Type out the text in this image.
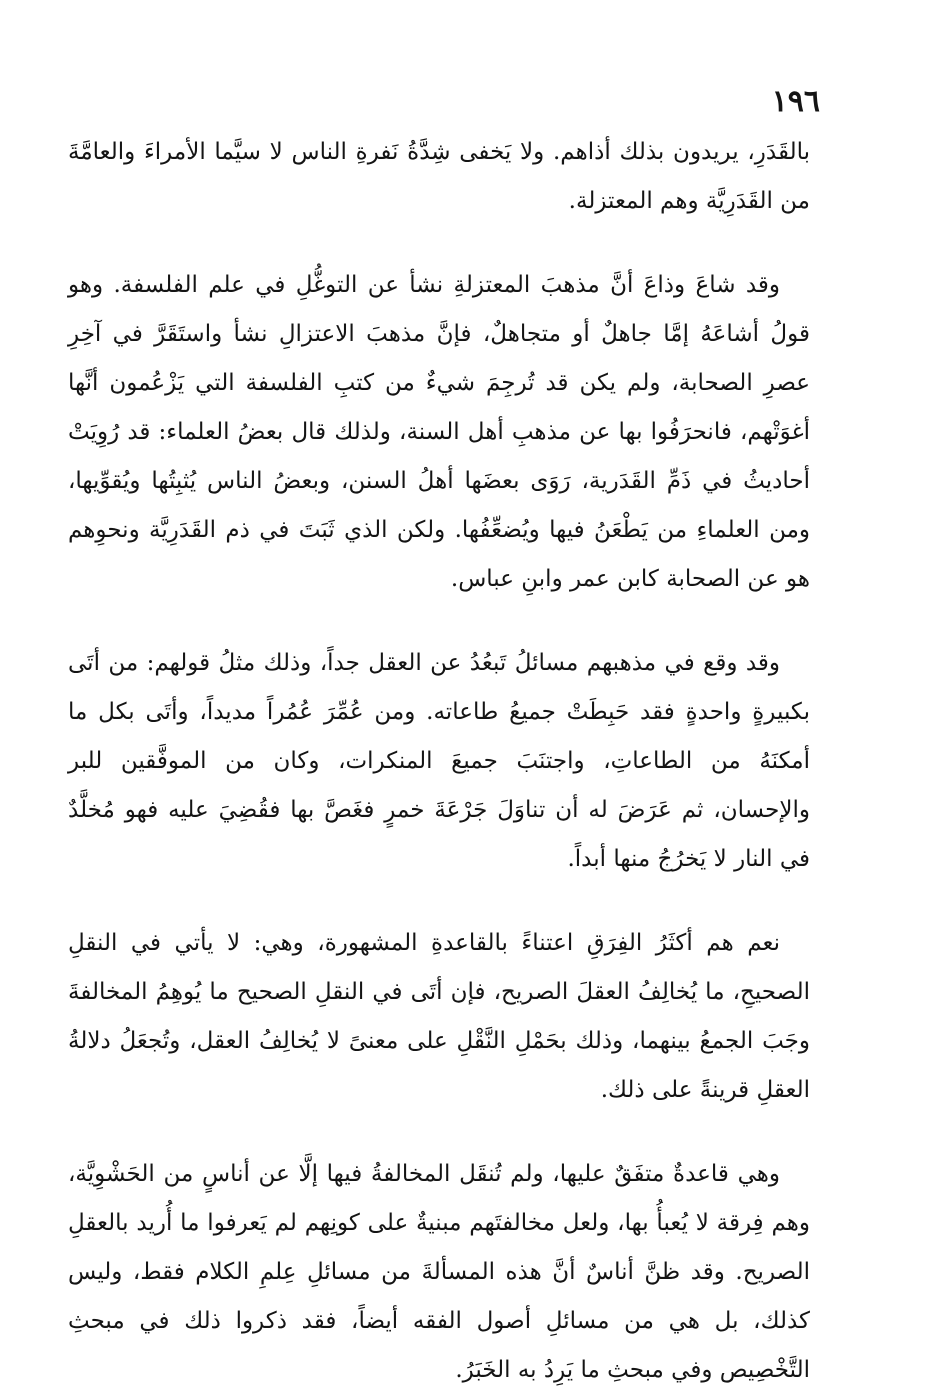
١٩٦

بالقَدَرِ، يريدون بذلك أذاهم. ولا يَخفى شِدَّةُ نَفرةِ الناس لا سيَّما الأمراءَ والعامَّةَ من القَدَرِيَّة وهم المعتزلة.

وقد شاعَ وذاعَ أنَّ مذهبَ المعتزلةِ نشأ عن التوغُّلِ في علم الفلسفة. وهو قولُ أشاعَهُ إمَّا جاهلٌ أو متجاهلٌ، فإنَّ مذهبَ الاعتزالِ نشأ واستَقَرَّ في آخِرِ عصرِ الصحابة، ولم يكن قد تُرجِمَ شيءٌ من كتبِ الفلسفة التي يَزْعُمون أنَّها أغوَتْهم، فانحرَفُوا بها عن مذهبِ أهل السنة، ولذلك قال بعضُ العلماء: قد رُوِيَتْ أحاديثُ في ذَمِّ القَدَرية، رَوَى بعضَها أهلُ السنن، وبعضُ الناس يُثبِتُها ويُقوِّيها، ومن العلماءِ من يَطْعَنُ فيها ويُضعِّفُها. ولكن الذي ثَبَتَ في ذم القَدَرِيَّة ونحوِهم هو عن الصحابة كابن عمر وابنِ عباس.

وقد وقع في مذهبهم مسائلُ تَبعُدُ عن العقل جداً، وذلك مثلُ قولهم: من أتَى بكبيرةٍ واحدةٍ فقد حَبِطَتْ جميعُ طاعاته. ومن عُمِّرَ عُمُراً مديداً، وأتَى بكل ما أمكنَهُ من الطاعاتِ، واجتنَبَ جميعَ المنكرات، وكان من الموفَّقين للبر والإحسان، ثم عَرَضَ له أن تناوَلَ جَرْعَةَ خمرٍ فغَصَّ بها فقُضِيَ عليه فهو مُخلَّدٌ في النار لا يَخرُجُ منها أبداً.

نعم هم أكثَرُ الفِرَقِ اعتناءً بالقاعدةِ المشهورة، وهي: لا يأتي في النقلِ الصحيحِ، ما يُخالِفُ العقلَ الصريح، فإن أتَى في النقلِ الصحيح ما يُوهِمُ المخالفةَ وجَبَ الجمعُ بينهما، وذلك بحَمْلِ النَّقْلِ على معنىً لا يُخالِفُ العقل، وتُجعَلُ دلالةُ العقلِ قرينةً على ذلك.

وهي قاعدةٌ متفَقٌ عليها، ولم تُنقَل المخالفةُ فيها إلَّا عن أناسٍ من الحَشْوِيَّة، وهم فِرقة لا يُعبأُ بها، ولعل مخالفتَهم مبنيةٌ على كونِهم لم يَعرفوا ما أُريد بالعقلِ الصريح. وقد ظنَّ أناسٌ أنَّ هذه المسألةَ من مسائلِ عِلمِ الكلام فقط، وليس كذلك، بل هي من مسائلِ أصول الفقه أيضاً، فقد ذكروا ذلك في مبحثِ التَّخْصِيص وفي مبحثِ ما يَرِدُ به الخَبَرُ.
